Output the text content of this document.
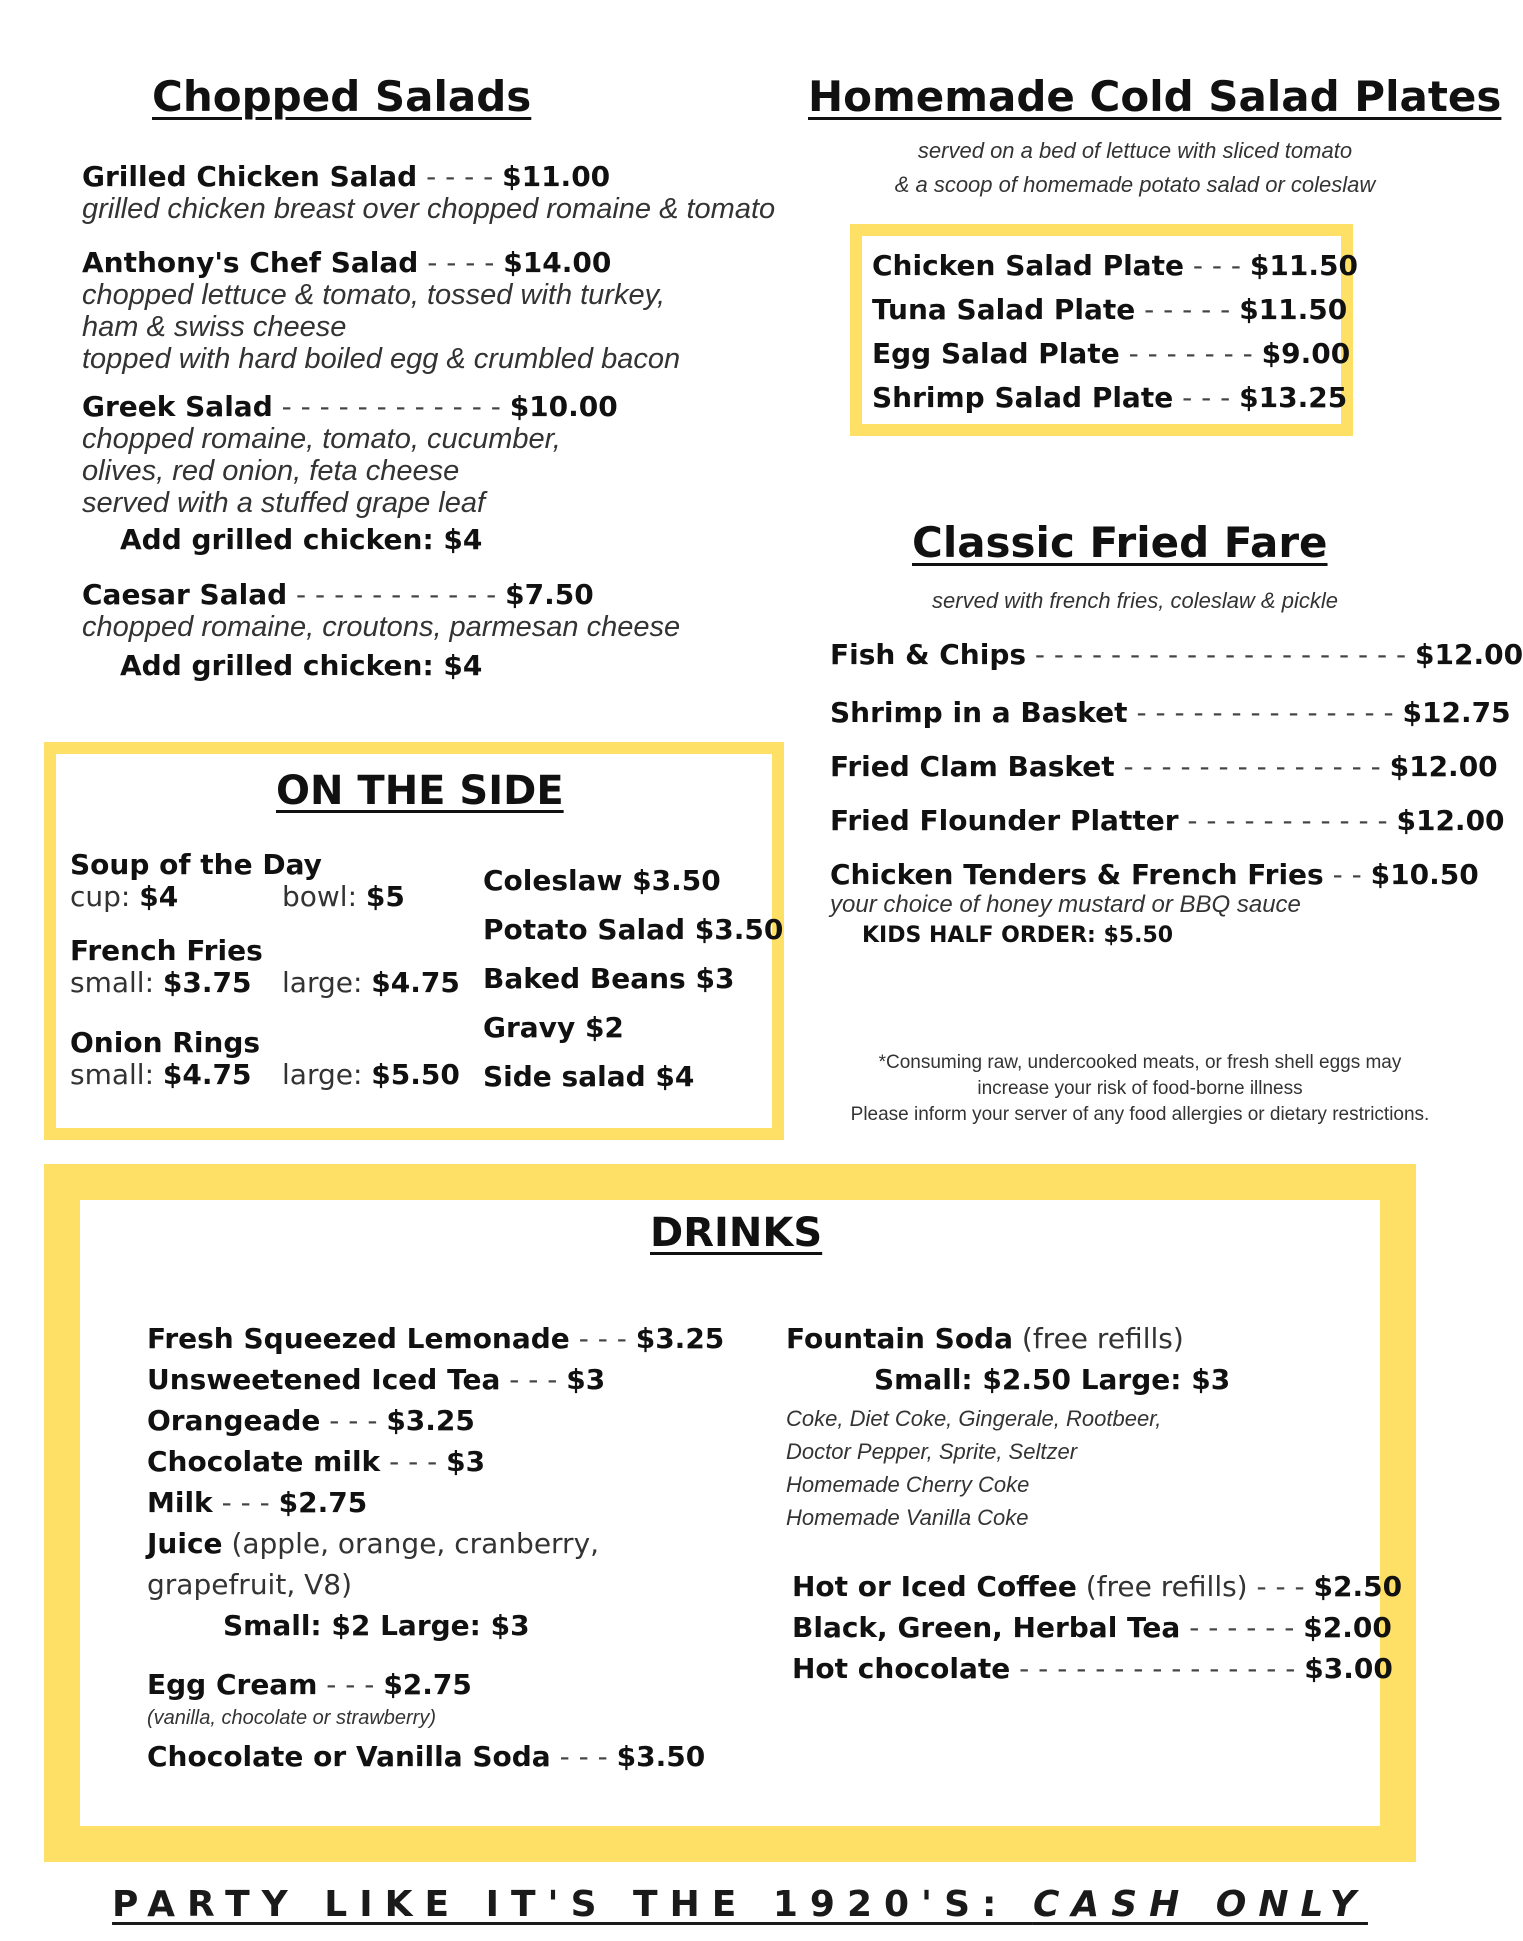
Chopped Salads
Grilled Chicken Salad - - - - $11.00
grilled chicken breast over chopped romaine & tomato
Anthony's Chef Salad - - - - $14.00
chopped lettuce & tomato, tossed with turkey,
ham & swiss cheese
topped with hard boiled egg & crumbled bacon
Greek Salad - - - - - - - - - - - - $10.00
chopped romaine, tomato, cucumber,
olives, red onion, feta cheese
served with a stuffed grape leaf
Add grilled chicken: $4
Caesar Salad - - - - - - - - - - - $7.50
chopped romaine, croutons, parmesan cheese
Add grilled chicken: $4
Homemade Cold Salad Plates
served on a bed of lettuce with sliced tomato
& a scoop of homemade potato salad or coleslaw
Chicken Salad Plate - - - $11.50
Tuna Salad Plate - - - - - $11.50
Egg Salad Plate - - - - - - - $9.00
Shrimp Salad Plate - - - $13.25
Classic Fried Fare
served with french fries, coleslaw & pickle
Fish & Chips - - - - - - - - - - - - - - - - - - - - $12.00
Shrimp in a Basket - - - - - - - - - - - - - - $12.75
Fried Clam Basket - - - - - - - - - - - - - - $12.00
Fried Flounder Platter - - - - - - - - - - - $12.00
Chicken Tenders & French Fries - - $10.50
your choice of honey mustard or BBQ sauce
KIDS HALF ORDER: $5.50
*Consuming raw, undercooked meats, or fresh shell eggs may
increase your risk of food-borne illness
Please inform your server of any food allergies or dietary restrictions.
ON THE SIDE
Soup of the Day
cup: $4	bowl: $5
French Fries
small: $3.75 large: $4.75
Onion Rings
small: $4.75 large: $5.50
Coleslaw $3.50
Potato Salad $3.50
Baked Beans $3
Gravy $2
Side salad $4
DRINKS
Fresh Squeezed Lemonade - - - $3.25
Unsweetened Iced Tea - - - $3
Orangeade - - - $3.25
Chocolate milk - - - $3
Milk - - - $2.75
Juice (apple, orange, cranberry,
grapefruit, V8)
Small: $2 Large: $3
Egg Cream - - - $2.75
(vanilla, chocolate or strawberry)
Chocolate or Vanilla Soda - - - $3.50
Fountain Soda (free refills)
Small: $2.50 Large: $3
Coke, Diet Coke, Gingerale, Rootbeer,
Doctor Pepper, Sprite, Seltzer
Homemade Cherry Coke
Homemade Vanilla Coke
Hot or Iced Coffee (free refills) - - - $2.50
Black, Green, Herbal Tea - - - - - - $2.00
Hot chocolate - - - - - - - - - - - - - - - $3.00
PARTY LIKE IT'S THE 1920'S: CASH ONLY
